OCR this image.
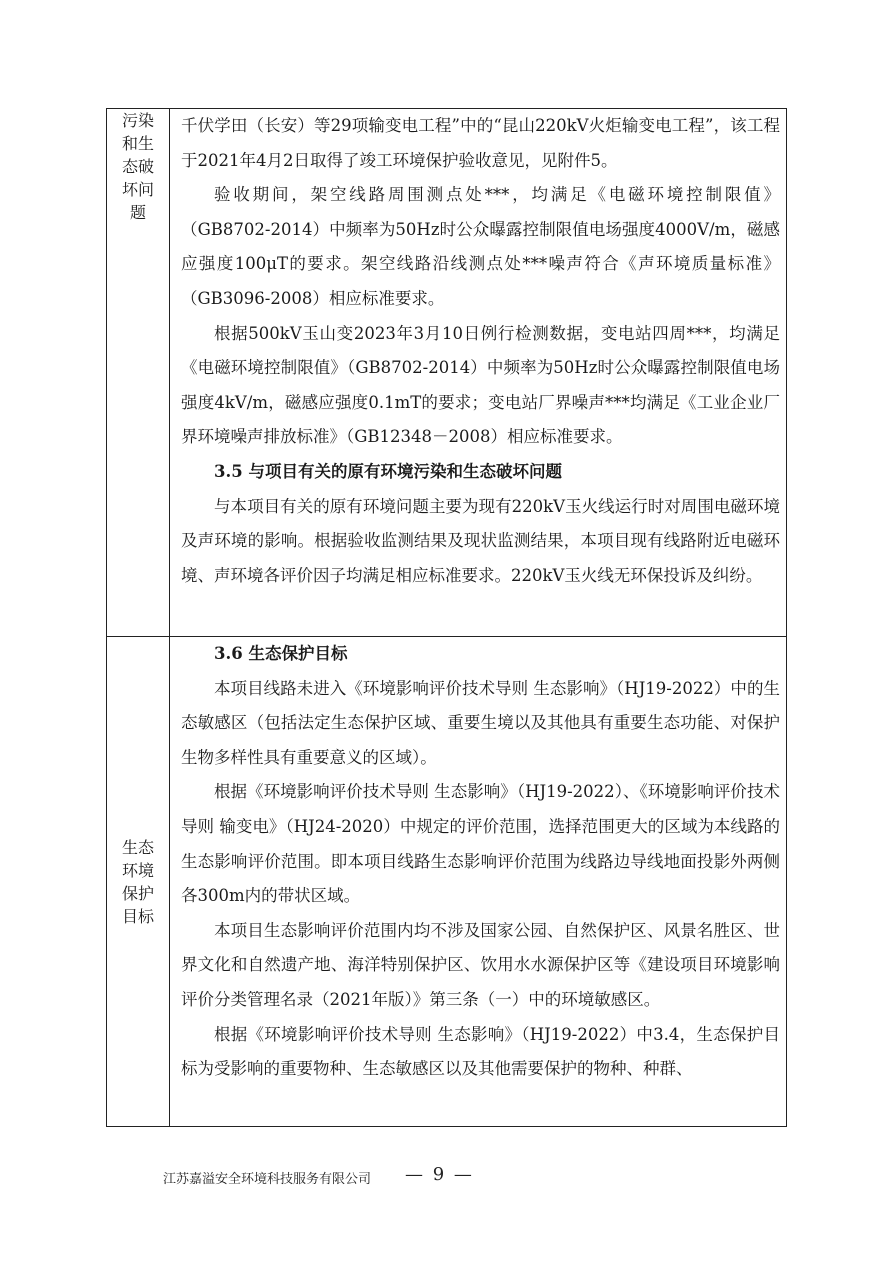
污染和生态破坏问题

千伏学田（长安）等29项输变电工程”中的“昆山220kV火炬输变电工程”，该工程于2021年4月2日取得了竣工环境保护验收意见，见附件5。

验收期间，架空线路周围测点处***，均满足《电磁环境控制限值》（GB8702-2014）中频率为50Hz时公众曝露控制限值电场强度4000V/m，磁感应强度100μT的要求。架空线路沿线测点处***噪声符合《声环境质量标准》（GB3096-2008）相应标准要求。

根据500kV玉山变2023年3月10日例行检测数据，变电站四周***，均满足《电磁环境控制限值》（GB8702-2014）中频率为50Hz时公众曝露控制限值电场强度4kV/m，磁感应强度0.1mT的要求；变电站厂界噪声***均满足《工业企业厂界环境噪声排放标准》（GB12348－2008）相应标准要求。

3.5 与项目有关的原有环境污染和生态破坏问题

与本项目有关的原有环境问题主要为现有220kV玉火线运行时对周围电磁环境及声环境的影响。根据验收监测结果及现状监测结果，本项目现有线路附近电磁环境、声环境各评价因子均满足相应标准要求。220kV玉火线无环保投诉及纠纷。

生态环境保护目标
3.6 生态保护目标

本项目线路未进入《环境影响评价技术导则 生态影响》（HJ19-2022）中的生态敏感区（包括法定生态保护区域、重要生境以及其他具有重要生态功能、对保护生物多样性具有重要意义的区域）。

根据《环境影响评价技术导则 生态影响》（HJ19-2022）、《环境影响评价技术导则 输变电》（HJ24-2020）中规定的评价范围，选择范围更大的区域为本线路的生态影响评价范围。即本项目线路生态影响评价范围为线路边导线地面投影外两侧各300m内的带状区域。

本项目生态影响评价范围内均不涉及国家公园、自然保护区、风景名胜区、世界文化和自然遗产地、海洋特别保护区、饮用水水源保护区等《建设项目环境影响评价分类管理名录（2021年版）》第三条（一）中的环境敏感区。

根据《环境影响评价技术导则 生态影响》（HJ19-2022）中3.4，生态保护目标为受影响的重要物种、生态敏感区以及其他需要保护的物种、种群、

江苏嘉溢安全环境科技服务有限公司 — 9 —
